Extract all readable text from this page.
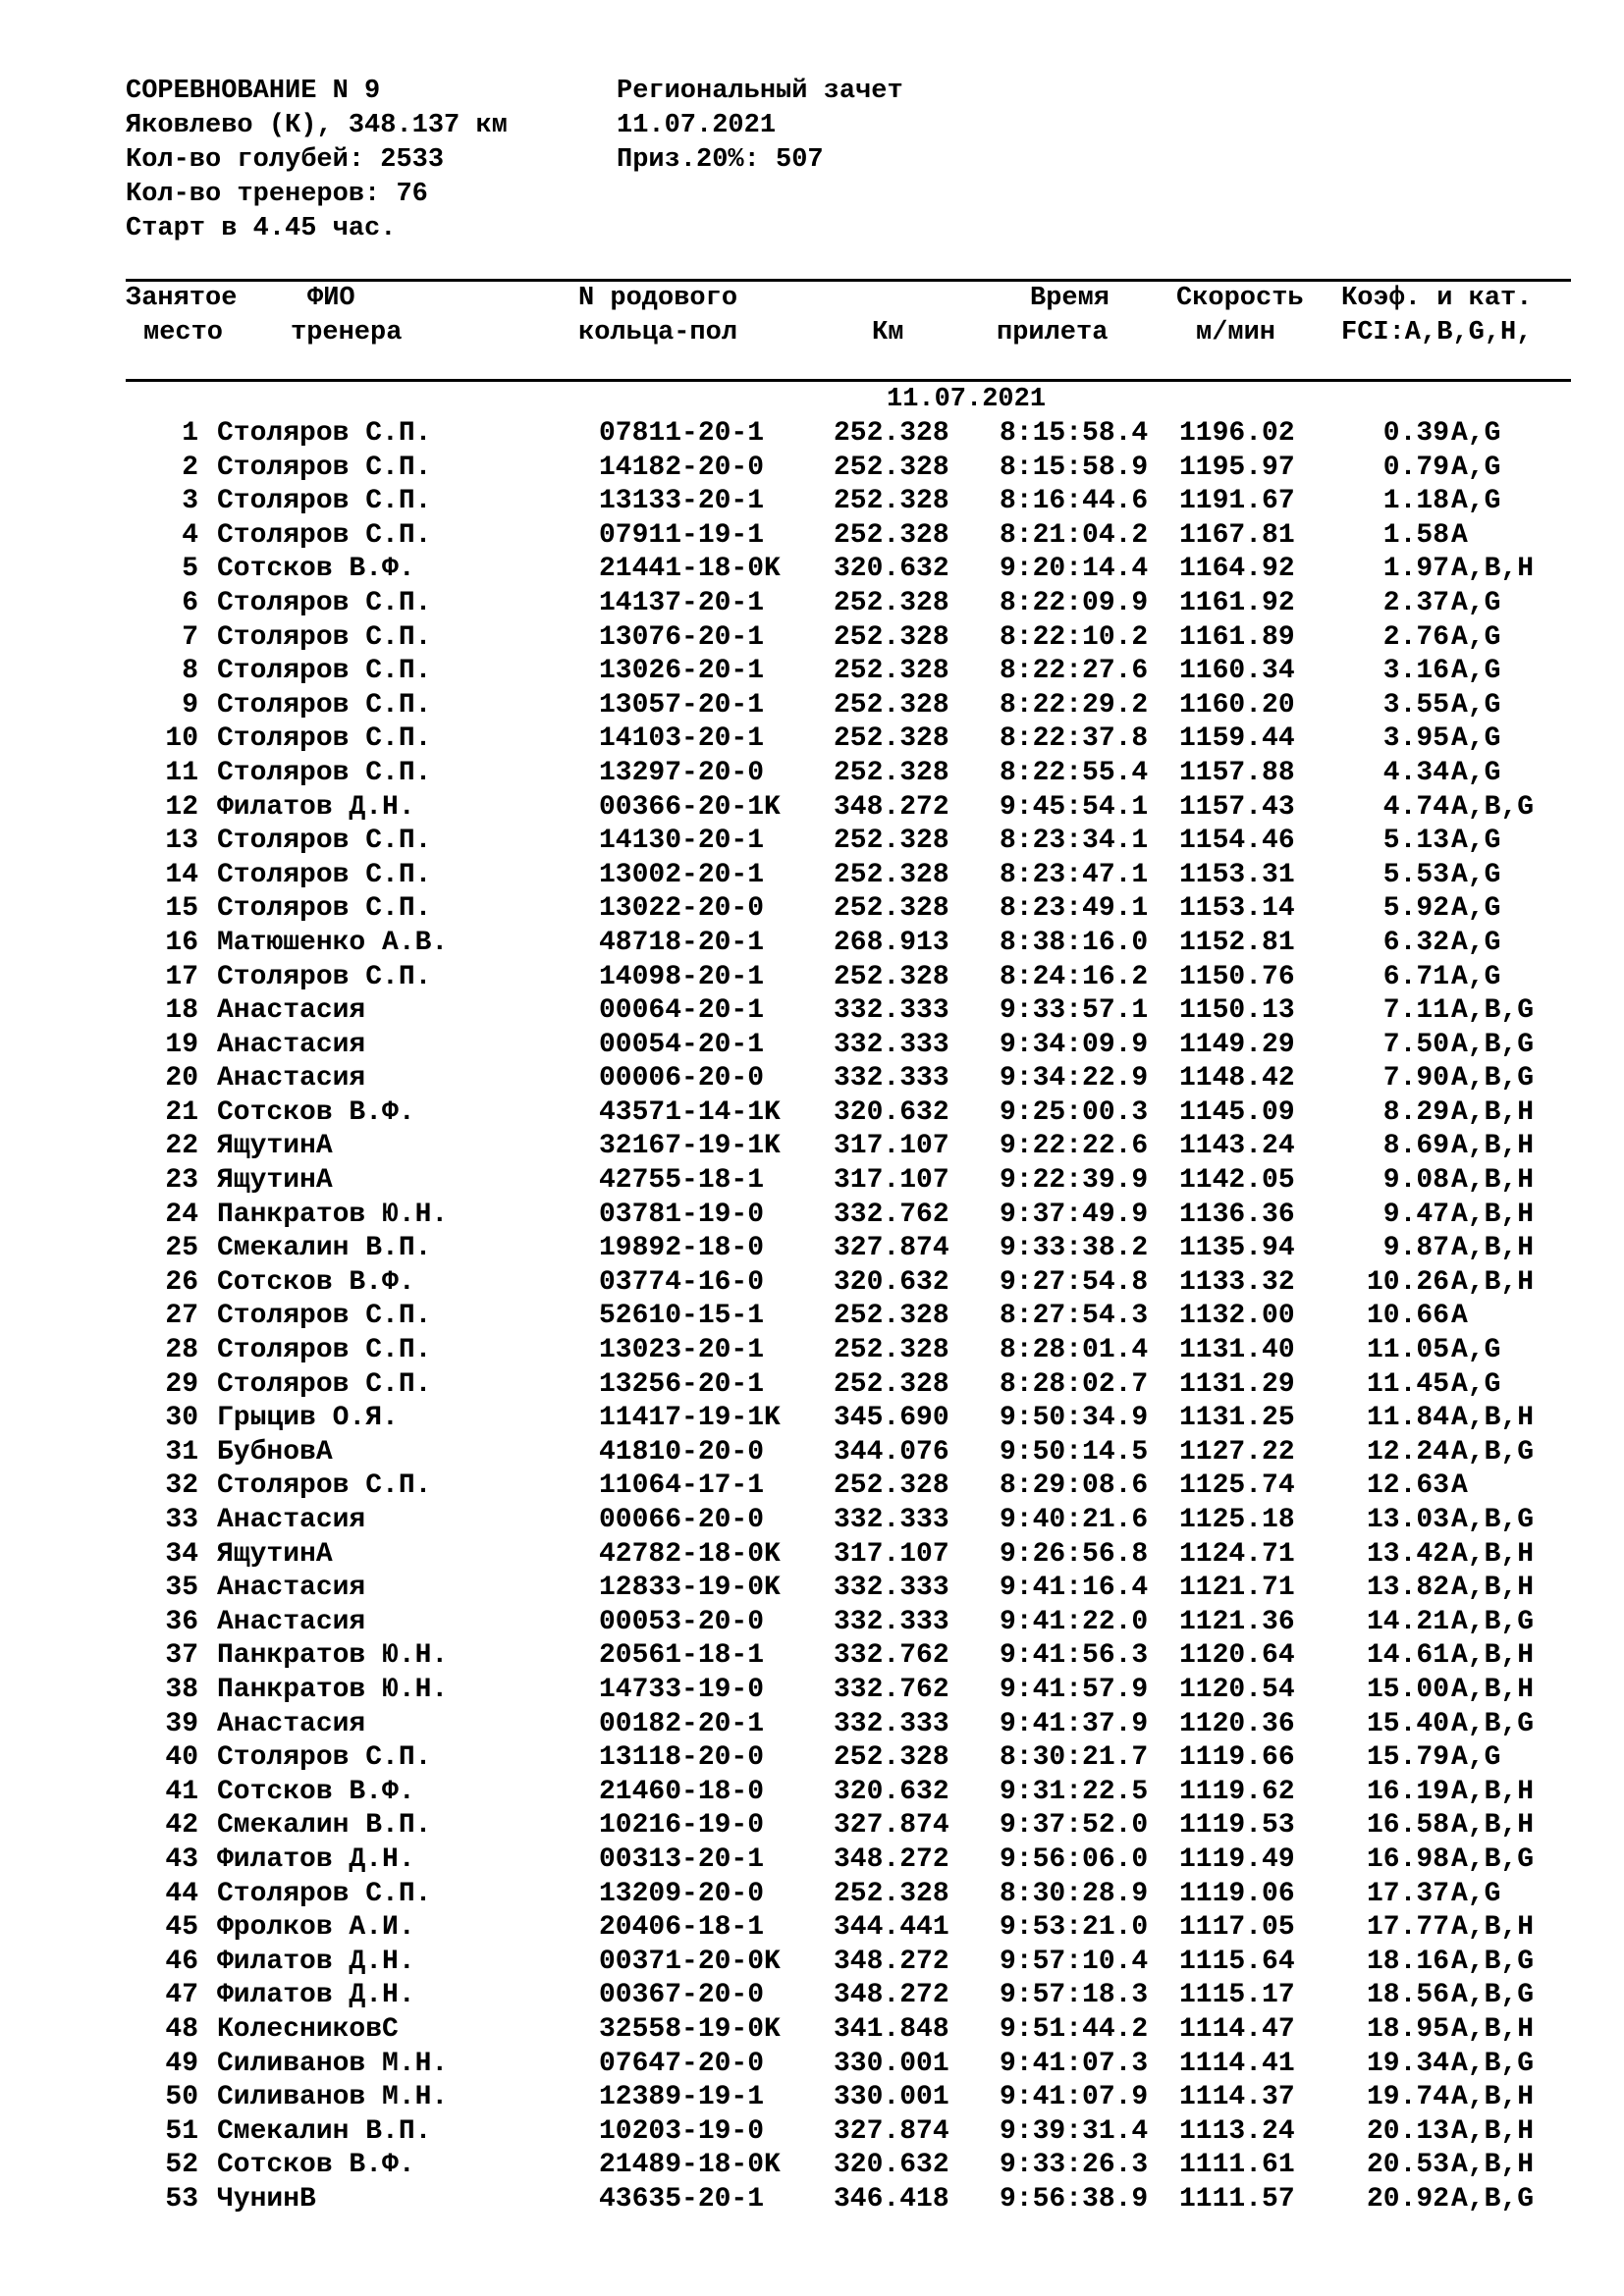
СОРЕВНОВАНИЕ N 9
Яковлево (К), 348.137 км
Кол-во голубей: 2533
Кол-во тренеров: 76
Старт в 4.45 час.
Региональный зачет
11.07.2021
Приз.20%: 507
Занятое
место
ФИО
тренера
N родового
кольца-пол	Км
Время
прилета
Скорость
м/мин
Коэф. и кат.
FCI:A,B,G,H,
11.07.2021
1 Столяров С.П.	07811-20-1	252.328 8:15:58.4 1196.02	0.39 A,G
2 Столяров С.П.	14182-20-0	252.328 8:15:58.9 1195.97	0.79 A,G
3 Столяров С.П.	13133-20-1	252.328 8:16:44.6 1191.67	1.18 A,G
4 Столяров С.П.	07911-19-1	252.328 8:21:04.2 1167.81	1.58 A
5 Сотсков В.Ф.	21441-18-0K 320.632 9:20:14.4 1164.92	1.97 A,B,H
6 Столяров С.П.	14137-20-1	252.328 8:22:09.9 1161.92	2.37 A,G
7 Столяров С.П.	13076-20-1	252.328 8:22:10.2 1161.89	2.76 A,G
8 Столяров С.П.	13026-20-1	252.328 8:22:27.6 1160.34	3.16 A,G
9 Столяров С.П.	13057-20-1	252.328 8:22:29.2 1160.20	3.55 A,G
10 Столяров С.П.	14103-20-1	252.328 8:22:37.8 1159.44	3.95 A,G
11 Столяров С.П.	13297-20-0	252.328 8:22:55.4 1157.88	4.34 A,G
12 Филатов Д.Н.	00366-20-1K 348.272 9:45:54.1 1157.43	4.74 A,B,G
13 Столяров С.П.	14130-20-1	252.328 8:23:34.1 1154.46	5.13 A,G
14 Столяров С.П.	13002-20-1	252.328 8:23:47.1 1153.31	5.53 A,G
15 Столяров С.П.	13022-20-0	252.328 8:23:49.1 1153.14	5.92 A,G
16 Матюшенко А.В.	48718-20-1	268.913 8:38:16.0 1152.81	6.32 A,G
17 Столяров С.П.	14098-20-1	252.328 8:24:16.2 1150.76	6.71 A,G
18 Анастасия	00064-20-1	332.333 9:33:57.1 1150.13	7.11 A,B,G
19 Анастасия	00054-20-1	332.333 9:34:09.9 1149.29	7.50 A,B,G
20 Анастасия	00006-20-0	332.333 9:34:22.9 1148.42	7.90 A,B,G
21 Сотсков В.Ф.	43571-14-1K 320.632 9:25:00.3 1145.09	8.29 A,B,H
22 ЯщутинА	32167-19-1K 317.107 9:22:22.6 1143.24	8.69 A,B,H
23 ЯщутинА	42755-18-1	317.107 9:22:39.9 1142.05	9.08 A,B,H
24 Панкратов Ю.Н.	03781-19-0	332.762 9:37:49.9 1136.36	9.47 A,B,H
25 Смекалин В.П.	19892-18-0	327.874 9:33:38.2 1135.94	9.87 A,B,H
26 Сотсков В.Ф.	03774-16-0	320.632 9:27:54.8 1133.32	10.26 A,B,H
27 Столяров С.П.	52610-15-1	252.328 8:27:54.3 1132.00	10.66 A
28 Столяров С.П.	13023-20-1	252.328 8:28:01.4 1131.40	11.05 A,G
29 Столяров С.П.	13256-20-1	252.328 8:28:02.7 1131.29	11.45 A,G
30 Грыцив О.Я.	11417-19-1K 345.690 9:50:34.9 1131.25	11.84 A,B,H
31 БубновА	41810-20-0	344.076 9:50:14.5 1127.22	12.24 A,B,G
32 Столяров С.П.	11064-17-1	252.328 8:29:08.6 1125.74	12.63 A
33 Анастасия	00066-20-0	332.333 9:40:21.6 1125.18	13.03 A,B,G
34 ЯщутинА	42782-18-0K 317.107 9:26:56.8 1124.71	13.42 A,B,H
35 Анастасия	12833-19-0K 332.333 9:41:16.4 1121.71	13.82 A,B,H
36 Анастасия	00053-20-0	332.333 9:41:22.0 1121.36	14.21 A,B,G
37 Панкратов Ю.Н.	20561-18-1	332.762 9:41:56.3 1120.64	14.61 A,B,H
38 Панкратов Ю.Н.	14733-19-0	332.762 9:41:57.9 1120.54	15.00 A,B,H
39 Анастасия	00182-20-1	332.333 9:41:37.9 1120.36	15.40 A,B,G
40 Столяров С.П.	13118-20-0	252.328 8:30:21.7 1119.66	15.79 A,G
41 Сотсков В.Ф.	21460-18-0	320.632 9:31:22.5 1119.62	16.19 A,B,H
42 Смекалин В.П.	10216-19-0	327.874 9:37:52.0 1119.53	16.58 A,B,H
43 Филатов Д.Н.	00313-20-1	348.272 9:56:06.0 1119.49	16.98 A,B,G
44 Столяров С.П.	13209-20-0	252.328 8:30:28.9 1119.06	17.37 A,G
45 Фролков А.И.	20406-18-1	344.441 9:53:21.0 1117.05	17.77 A,B,H
46 Филатов Д.Н.	00371-20-0K 348.272 9:57:10.4 1115.64	18.16 A,B,G
47 Филатов Д.Н.	00367-20-0	348.272 9:57:18.3 1115.17	18.56 A,B,G
48 КолесниковС	32558-19-0K 341.848 9:51:44.2 1114.47	18.95 A,B,H
49 Силиванов М.Н.	07647-20-0	330.001 9:41:07.3 1114.41	19.34 A,B,G
50 Силиванов М.Н.	12389-19-1	330.001 9:41:07.9 1114.37	19.74 A,B,H
51 Смекалин В.П.	10203-19-0	327.874 9:39:31.4 1113.24	20.13 A,B,H
52 Сотсков В.Ф.	21489-18-0K 320.632 9:33:26.3 1111.61	20.53 A,B,H
53 ЧунинВ	43635-20-1	346.418 9:56:38.9 1111.57	20.92 A,B,G
